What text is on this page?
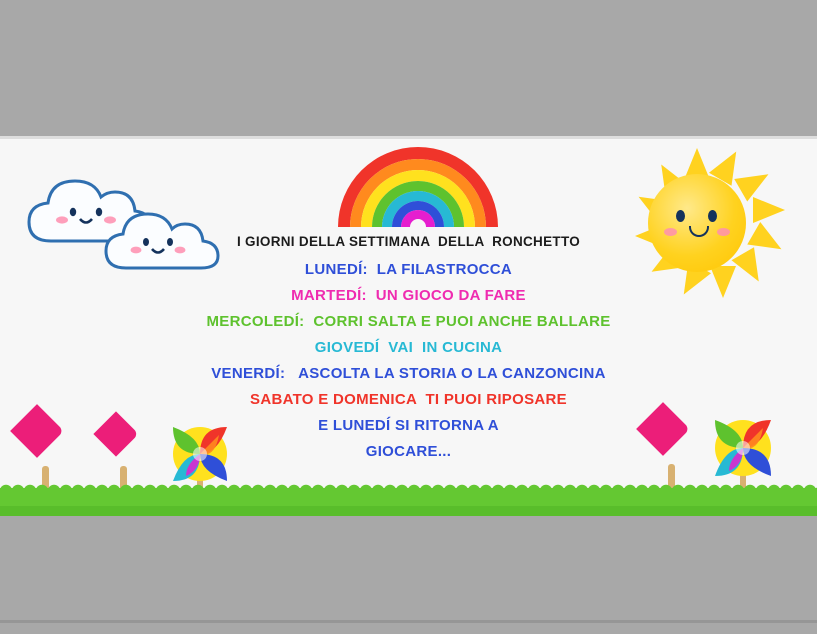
I GIORNI DELLA SETTIMANA  DELLA  RONCHETTO
LUNEDÍ:  LA FILASTROCCA
MARTEDÍ:  UN GIOCO DA FARE
MERCOLEDÍ:  CORRI SALTA E PUOI ANCHE BALLARE
GIOVEDÍ  VAI  IN CUCINA
VENERDÍ:   ASCOLTA LA STORIA O LA CANZONCINA
SABATO E DOMENICA  TI PUOI RIPOSARE
E LUNEDÍ SI RITORNA A
GIOCARE...
